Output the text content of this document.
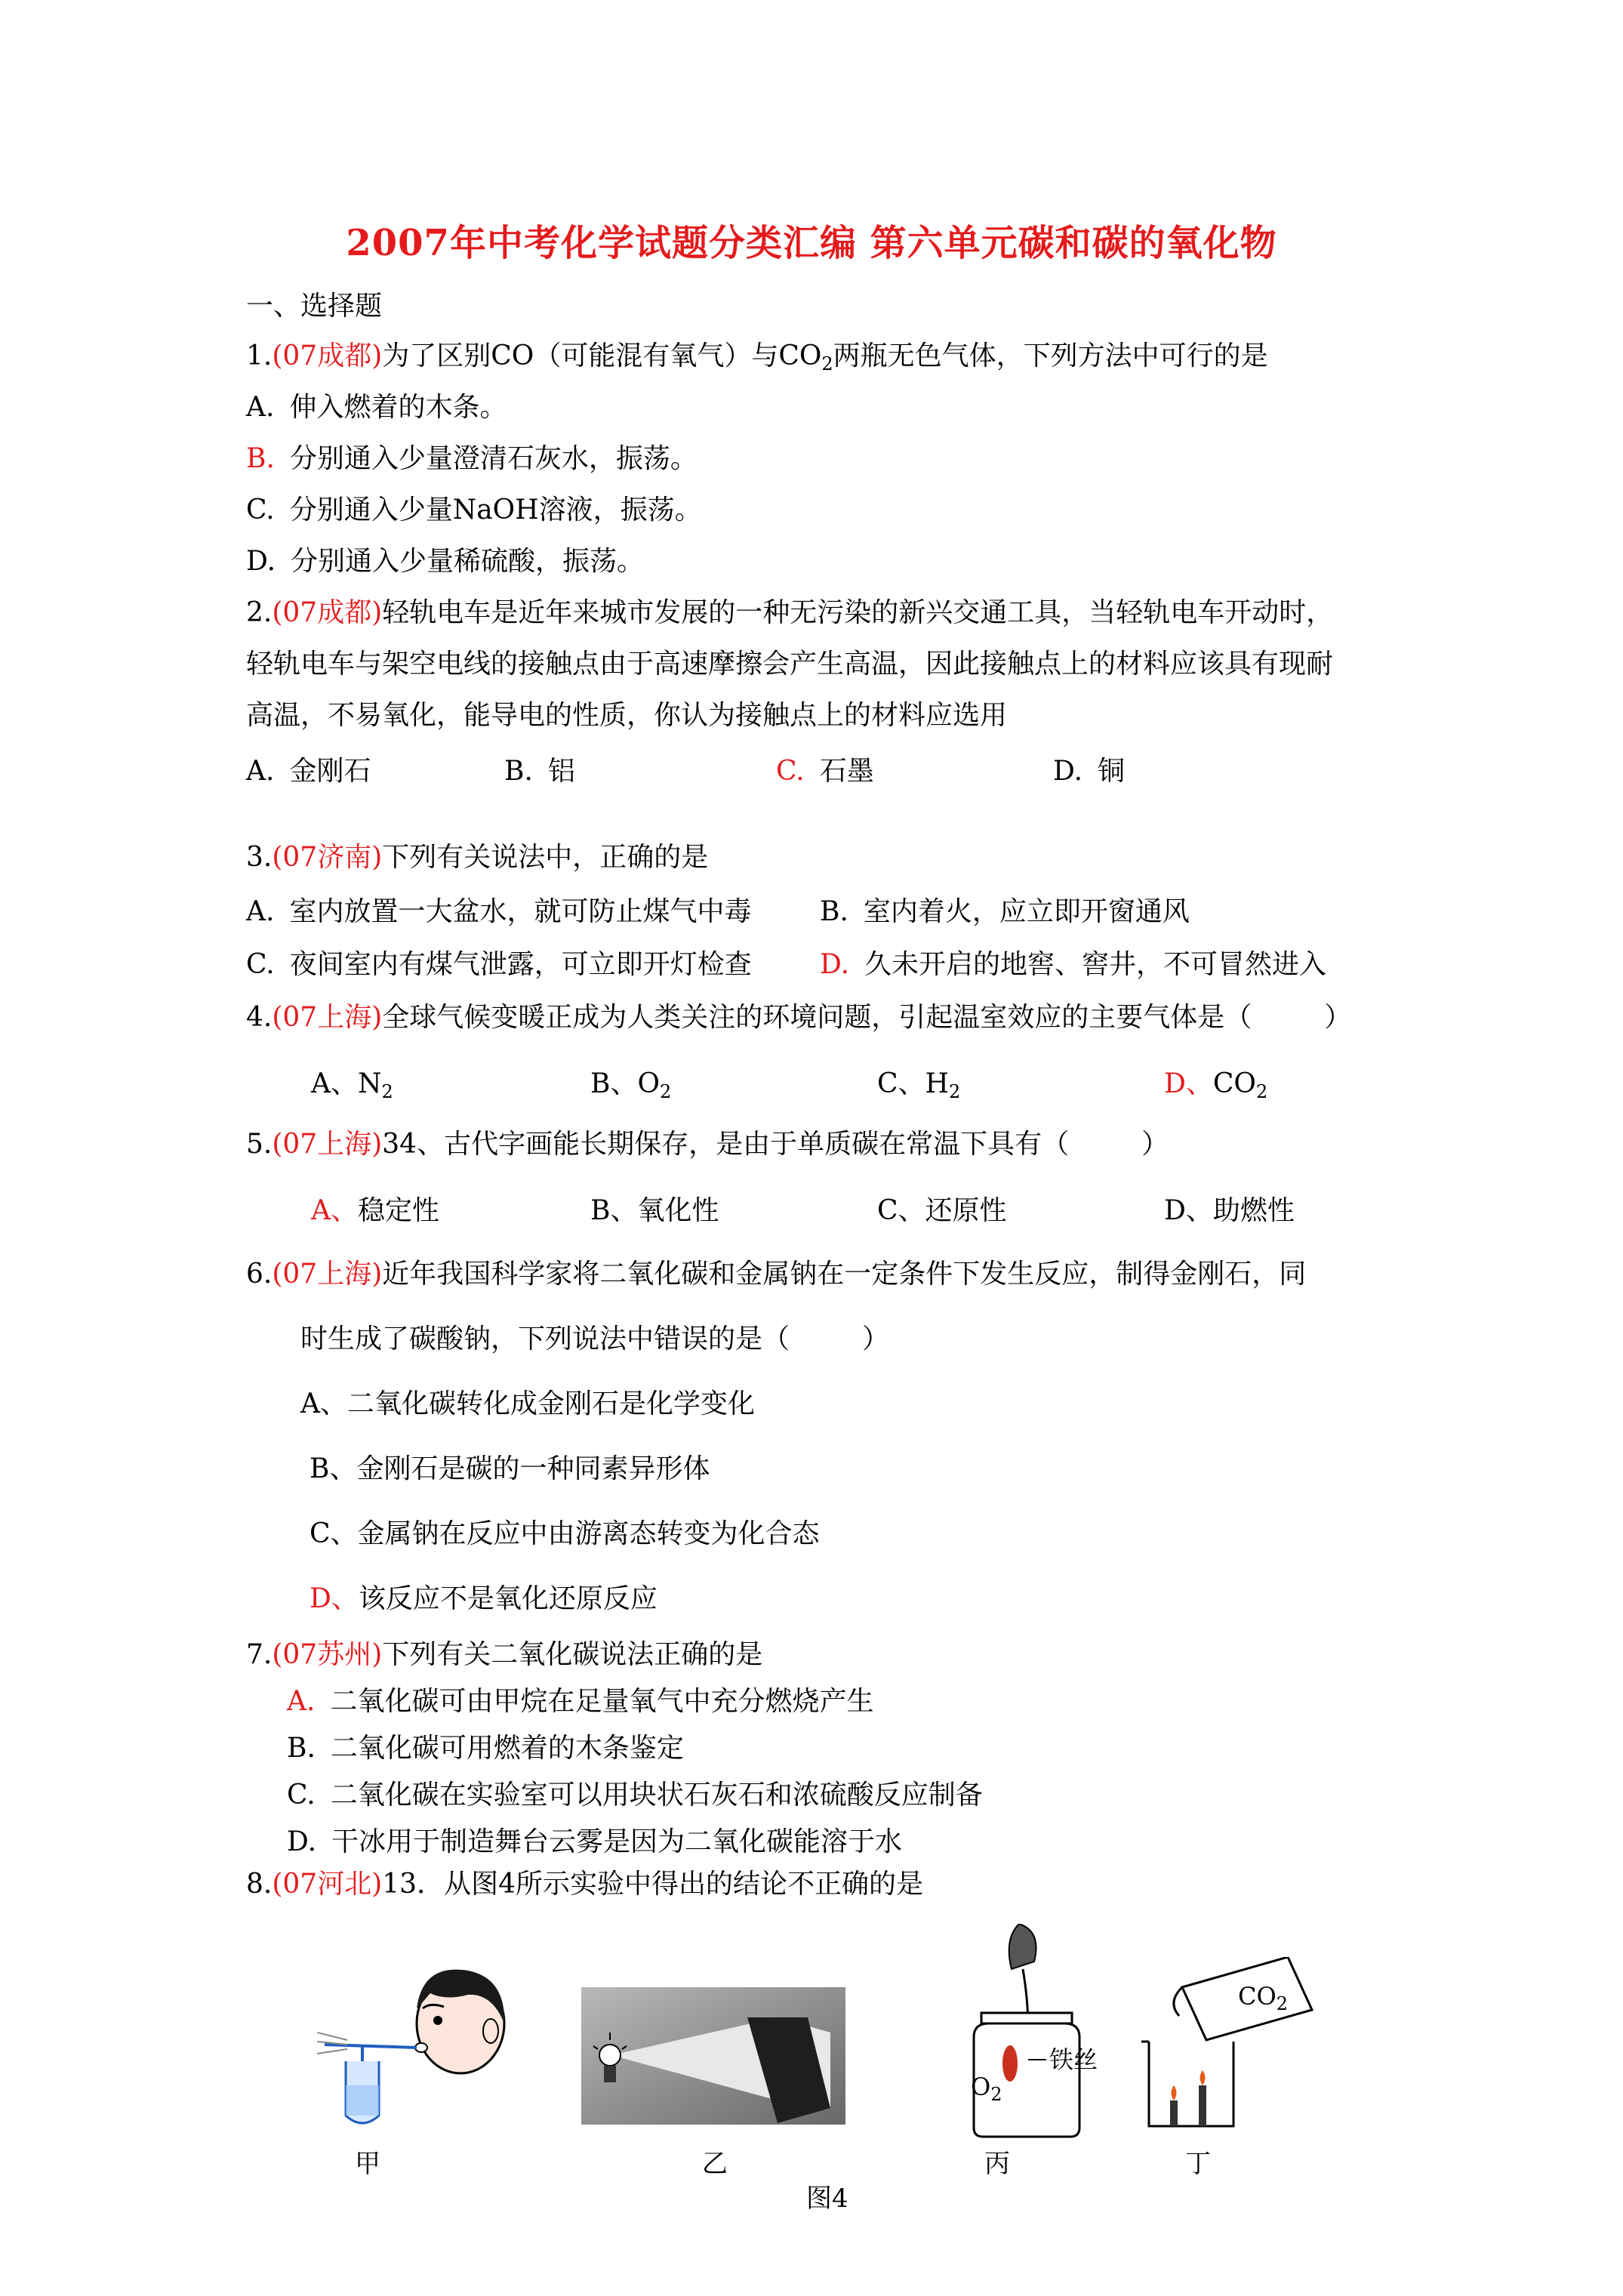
2007年中考化学试题分类汇编 第六单元碳和碳的氧化物
一、选择题
1.(07成都)为了区别CO（可能混有氧气）与$CO_2$两瓶无色气体，下列方法中可行的是
A. 伸入燃着的木条。
B. 分别通入少量澄清石灰水，振荡。
C. 分别通入少量NaOH溶液，振荡。
D. 分别通入少量稀硫酸，振荡。
2.(07成都)轻轨电车是近年来城市发展的一种无污染的新兴交通工具，当轻轨电车开动时，
轻轨电车与架空电线的接触点由于高速摩擦会产生高温，因此接触点上的材料应该具有现耐
高温，不易氧化，能导电的性质，你认为接触点上的材料应选用
A. 金刚石	B. 铝	C. 石墨	D. 铜
3.(07济南)下列有关说法中，正确的是
A. 室内放置一大盆水，就可防止煤气中毒	B. 室内着火，应立即开窗通风
C. 夜间室内有煤气泄露，可立即开灯检查	D. 久未开启的地窖、窖井，不可冒然进入
4.(07上海)全球气候变暖正成为人类关注的环境问题，引起温室效应的主要气体是（	）
A、$N_2$	B、$O_2$	C、$H_2$	D、$CO_2$
5.(07上海)34、古代字画能长期保存，是由于单质碳在常温下具有（	）
A、稳定性	B、氧化性	C、还原性	D、助燃性
6.(07上海)近年我国科学家将二氧化碳和金属钠在一定条件下发生反应，制得金刚石，同
时生成了碳酸钠，下列说法中错误的是（	）
A、二氧化碳转化成金刚石是化学变化
B、金刚石是碳的一种同素异形体
C、金属钠在反应中由游离态转变为化合态
D、该反应不是氧化还原反应
7.(07苏州)下列有关二氧化碳说法正确的是
A. 二氧化碳可由甲烷在足量氧气中充分燃烧产生
B. 二氧化碳可用燃着的木条鉴定
C. 二氧化碳在实验室可以用块状石灰石和浓硫酸反应制备
D. 干冰用于制造舞台云雾是因为二氧化碳能溶于水
8.(07河北)13．从图4所示实验中得出的结论不正确的是
铁丝
$O_2$
$CO_2$
甲	乙	丙	丁
图4
